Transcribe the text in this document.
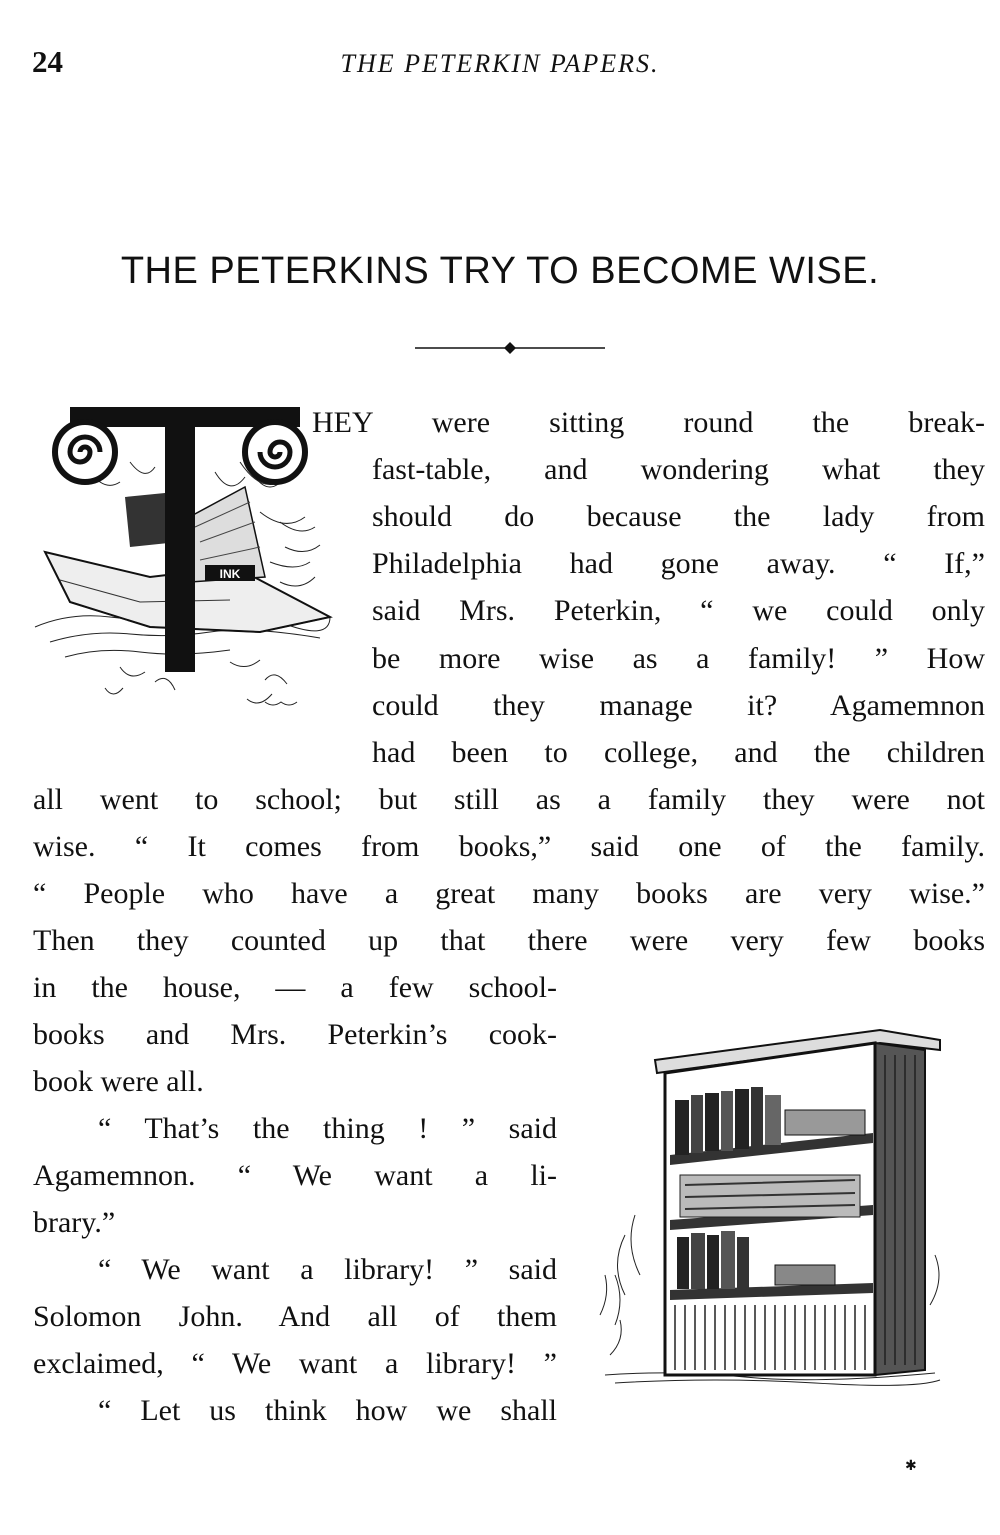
24	THE PETERKIN PAPERS.
THE PETERKINS TRY TO BECOME WISE.
INK
HEY were sitting round the break-
fast-table, and wondering what they
should do because the lady from
Philadelphia had gone away. “ If,”
said Mrs. Peterkin, “ we could only
be more wise as a family! ” How
could they manage it? Agamemnon
had been to college, and the children
all went to school; but still as a family they were not
wise. “ It comes from books,” said one of the family.
“ People who have a great many books are very wise.”
Then they counted up that there were very few books
in the house, — a few school-
books and Mrs. Peterkin’s cook-
book were all.
“ That’s the thing ! ” said
Agamemnon. “ We want a li-
brary.”
“ We want a library! ” said
Solomon John. And all of them
exclaimed, “ We want a library! ”
“ Let us think how we shall
✱
